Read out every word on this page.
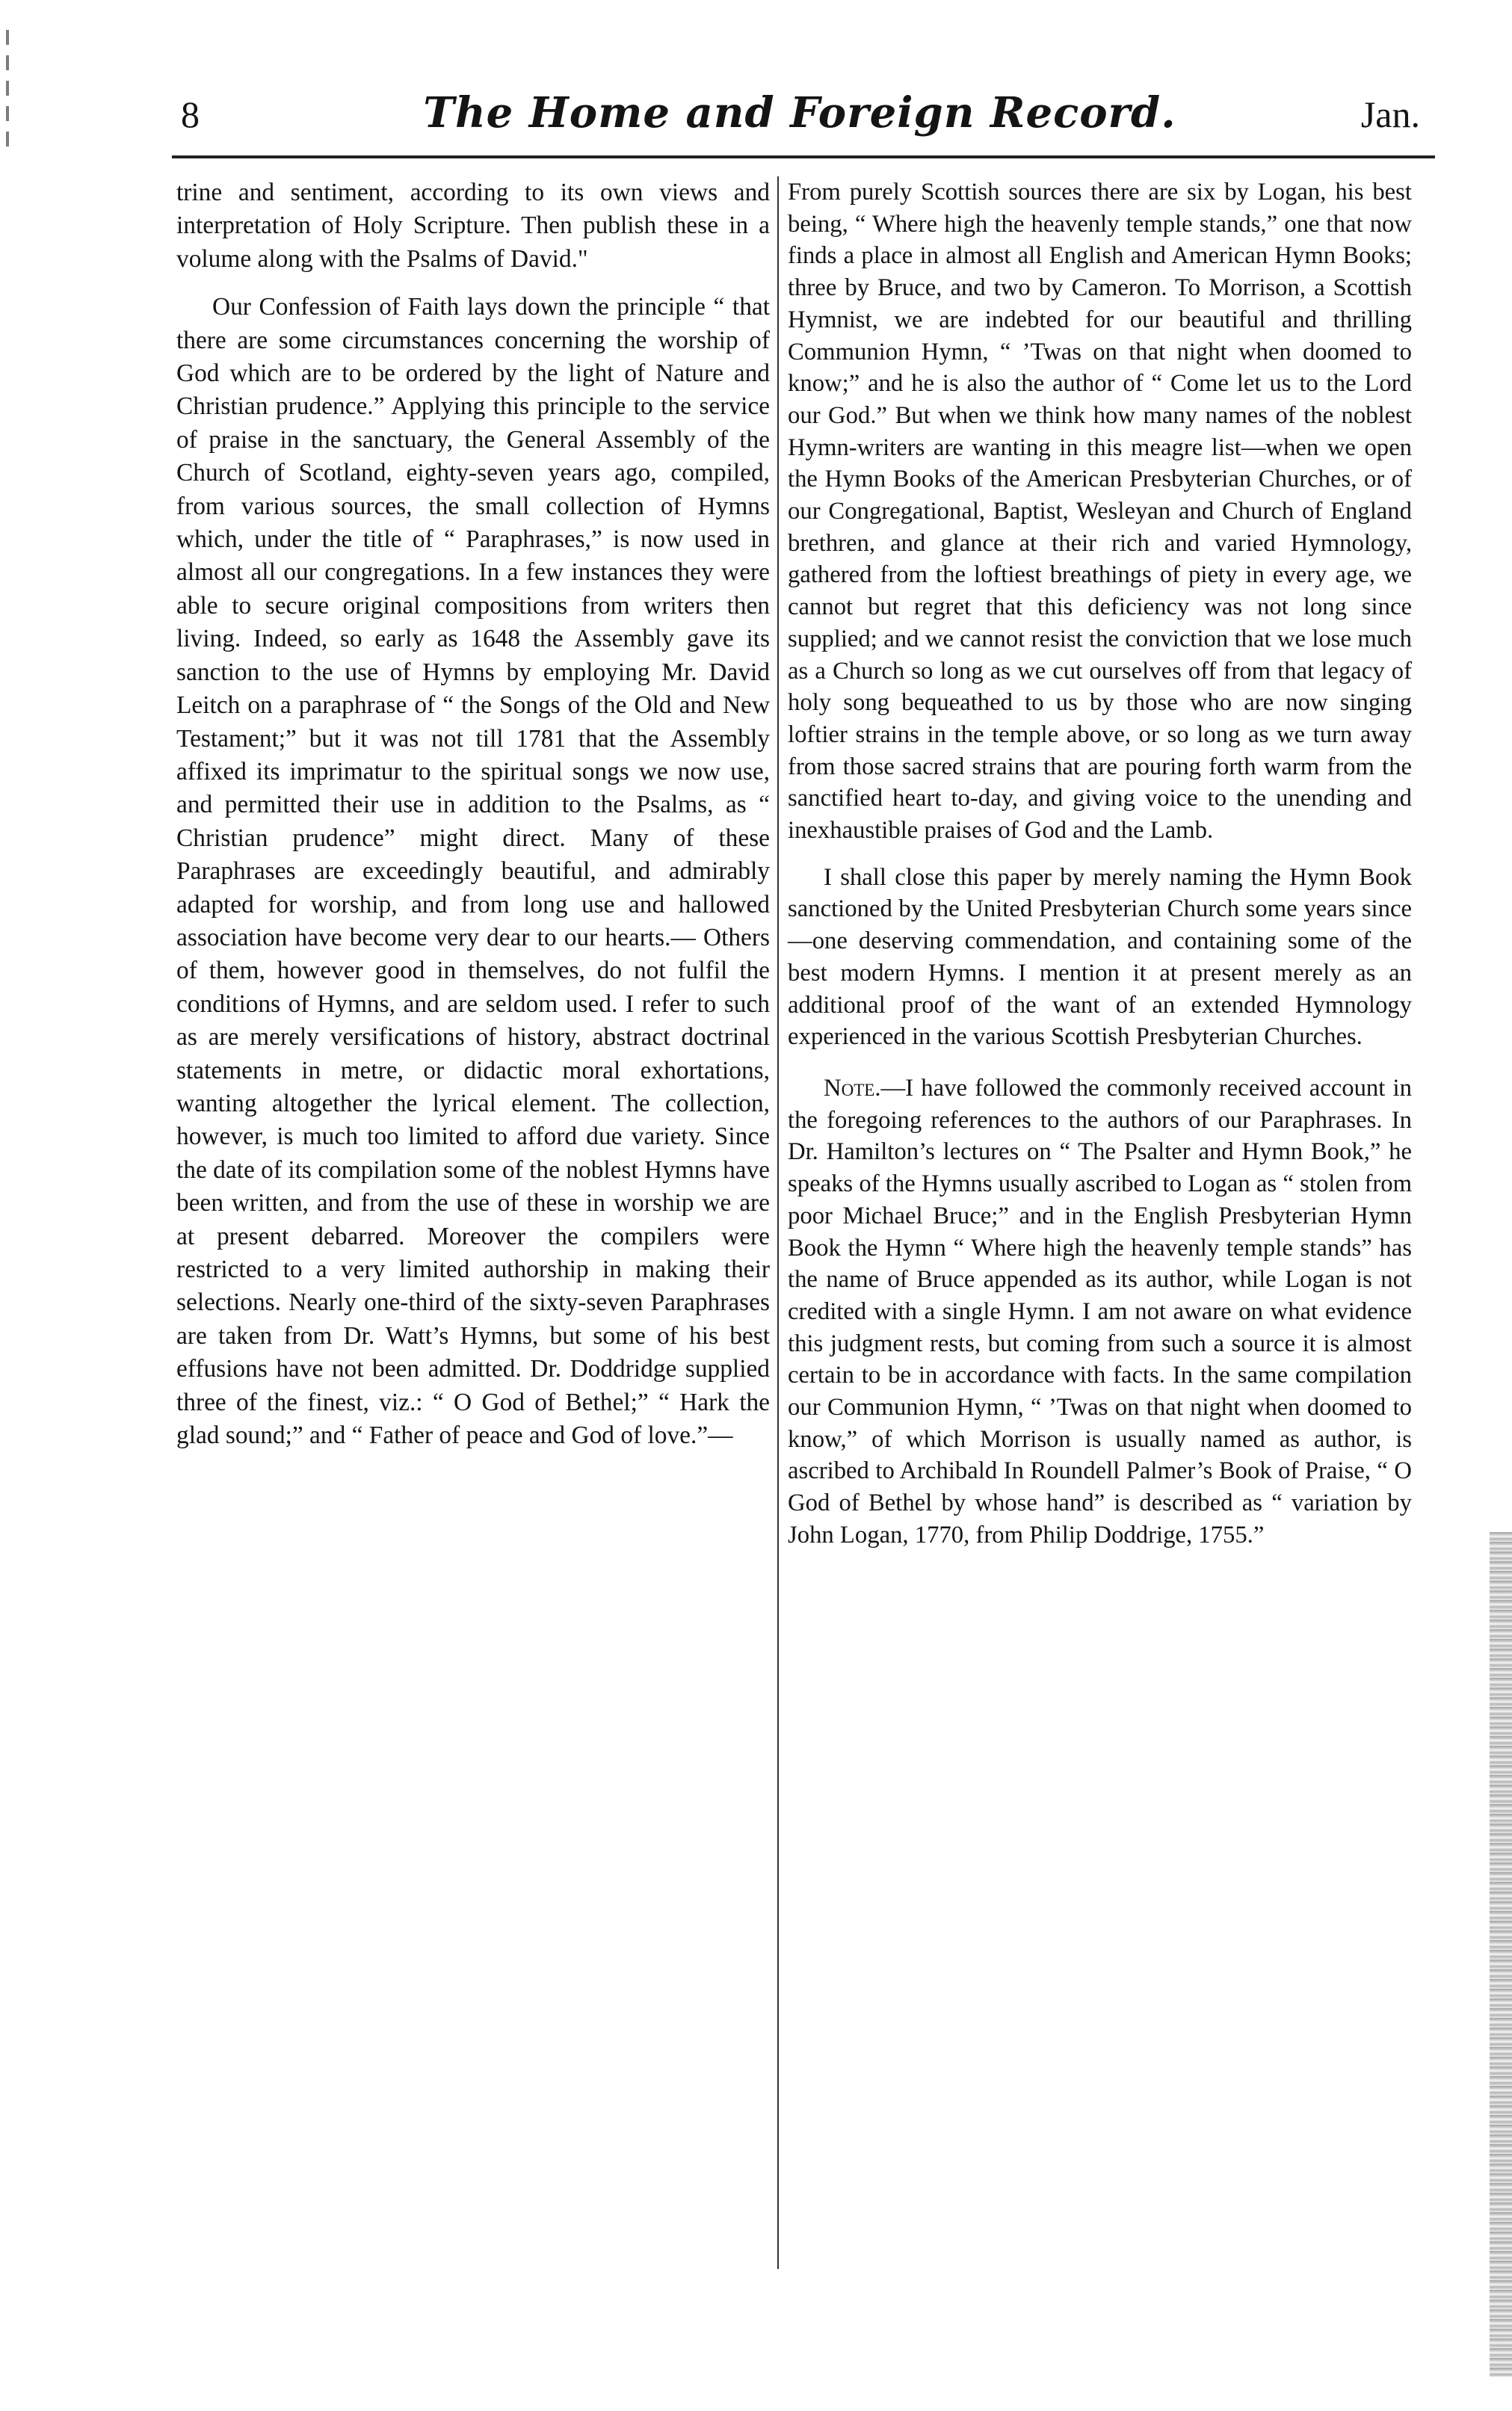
8	The Home and Foreign Record.	Jan.

trine and sentiment, according to its own views and interpretation of Holy Scripture. Then publish these in a volume along with the Psalms of David."

Our Confession of Faith lays down the principle “ that there are some circumstances concerning the worship of God which are to be ordered by the light of Nature and Christian prudence.” Applying this principle to the service of praise in the sanctuary, the General Assembly of the Church of Scotland, eighty-seven years ago, compiled, from various sources, the small collection of Hymns which, under the title of “ Paraphrases,” is now used in almost all our congregations. In a few instances they were able to secure original compositions from writers then living. Indeed, so early as 1648 the Assembly gave its sanction to the use of Hymns by employing Mr. David Leitch on a paraphrase of “ the Songs of the Old and New Testament;” but it was not till 1781 that the Assembly affixed its imprimatur to the spiritual songs we now use, and permitted their use in addition to the Psalms, as “ Christian prudence” might direct. Many of these Paraphrases are exceedingly beautiful, and admirably adapted for worship, and from long use and hallowed association have become very dear to our hearts.— Others of them, however good in themselves, do not fulfil the conditions of Hymns, and are seldom used. I refer to such as are merely versifications of history, abstract doctrinal statements in metre, or didactic moral exhortations, wanting altogether the lyrical element. The collection, however, is much too limited to afford due variety. Since the date of its compilation some of the noblest Hymns have been written, and from the use of these in worship we are at present debarred. Moreover the compilers were restricted to a very limited authorship in making their selections. Nearly one-third of the sixty-seven Paraphrases are taken from Dr. Watt’s Hymns, but some of his best effusions have not been admitted. Dr. Doddridge supplied three of the finest, viz.: “ O God of Bethel;” “ Hark the glad sound;” and “ Father of peace and God of love.”—

From purely Scottish sources there are six by Logan, his best being, “ Where high the heavenly temple stands,” one that now finds a place in almost all English and American Hymn Books; three by Bruce, and two by Cameron. To Morrison, a Scottish Hymnist, we are indebted for our beautiful and thrilling Communion Hymn, “ ’Twas on that night when doomed to know;” and he is also the author of “ Come let us to the Lord our God.” But when we think how many names of the noblest Hymn-writers are wanting in this meagre list—when we open the Hymn Books of the American Presbyterian Churches, or of our Congregational, Baptist, Wesleyan and Church of England brethren, and glance at their rich and varied Hymnology, gathered from the loftiest breathings of piety in every age, we cannot but regret that this deficiency was not long since supplied; and we cannot resist the conviction that we lose much as a Church so long as we cut ourselves off from that legacy of holy song bequeathed to us by those who are now singing loftier strains in the temple above, or so long as we turn away from those sacred strains that are pouring forth warm from the sanctified heart to-day, and giving voice to the unending and inexhaustible praises of God and the Lamb.

I shall close this paper by merely naming the Hymn Book sanctioned by the United Presbyterian Church some years since—one deserving commendation, and containing some of the best modern Hymns. I mention it at present merely as an additional proof of the want of an extended Hymnology experienced in the various Scottish Presbyterian Churches.

Note.—I have followed the commonly received account in the foregoing references to the authors of our Paraphrases. In Dr. Hamilton’s lectures on “ The Psalter and Hymn Book,” he speaks of the Hymns usually ascribed to Logan as “ stolen from poor Michael Bruce;” and in the English Presbyterian Hymn Book the Hymn “ Where high the heavenly temple stands” has the name of Bruce appended as its author, while Logan is not credited with a single Hymn. I am not aware on what evidence this judgment rests, but coming from such a source it is almost certain to be in accordance with facts. In the same compilation our Communion Hymn, “ ’Twas on that night when doomed to know,” of which Morrison is usually named as author, is ascribed to Archibald In Roundell Palmer’s Book of Praise, “ O God of Bethel by whose hand” is described as “ variation by John Logan, 1770, from Philip Doddrige, 1755.”
